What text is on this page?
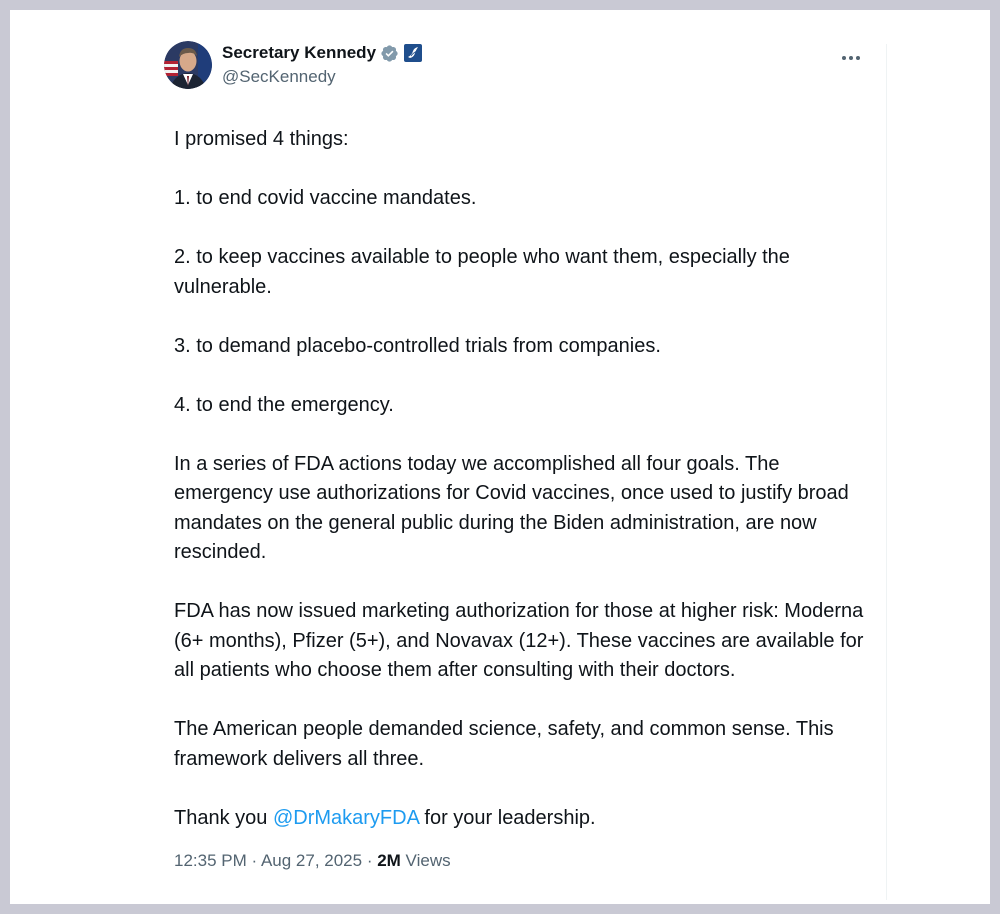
Secretary Kennedy
@SecKennedy

I promised 4 things:

1. to end covid vaccine mandates.

2. to keep vaccines available to people who want them, especially the vulnerable.

3. to demand placebo-controlled trials from companies.

4. to end the emergency.

In a series of FDA actions today we accomplished all four goals. The emergency use authorizations for Covid vaccines, once used to justify broad mandates on the general public during the Biden administration, are now rescinded.

FDA has now issued marketing authorization for those at higher risk: Moderna (6+ months), Pfizer (5+), and Novavax (12+). These vaccines are available for all patients who choose them after consulting with their doctors.

The American people demanded science, safety, and common sense. This framework delivers all three.

Thank you @DrMakaryFDA for your leadership.

12:35 PM · Aug 27, 2025 · 2M Views
